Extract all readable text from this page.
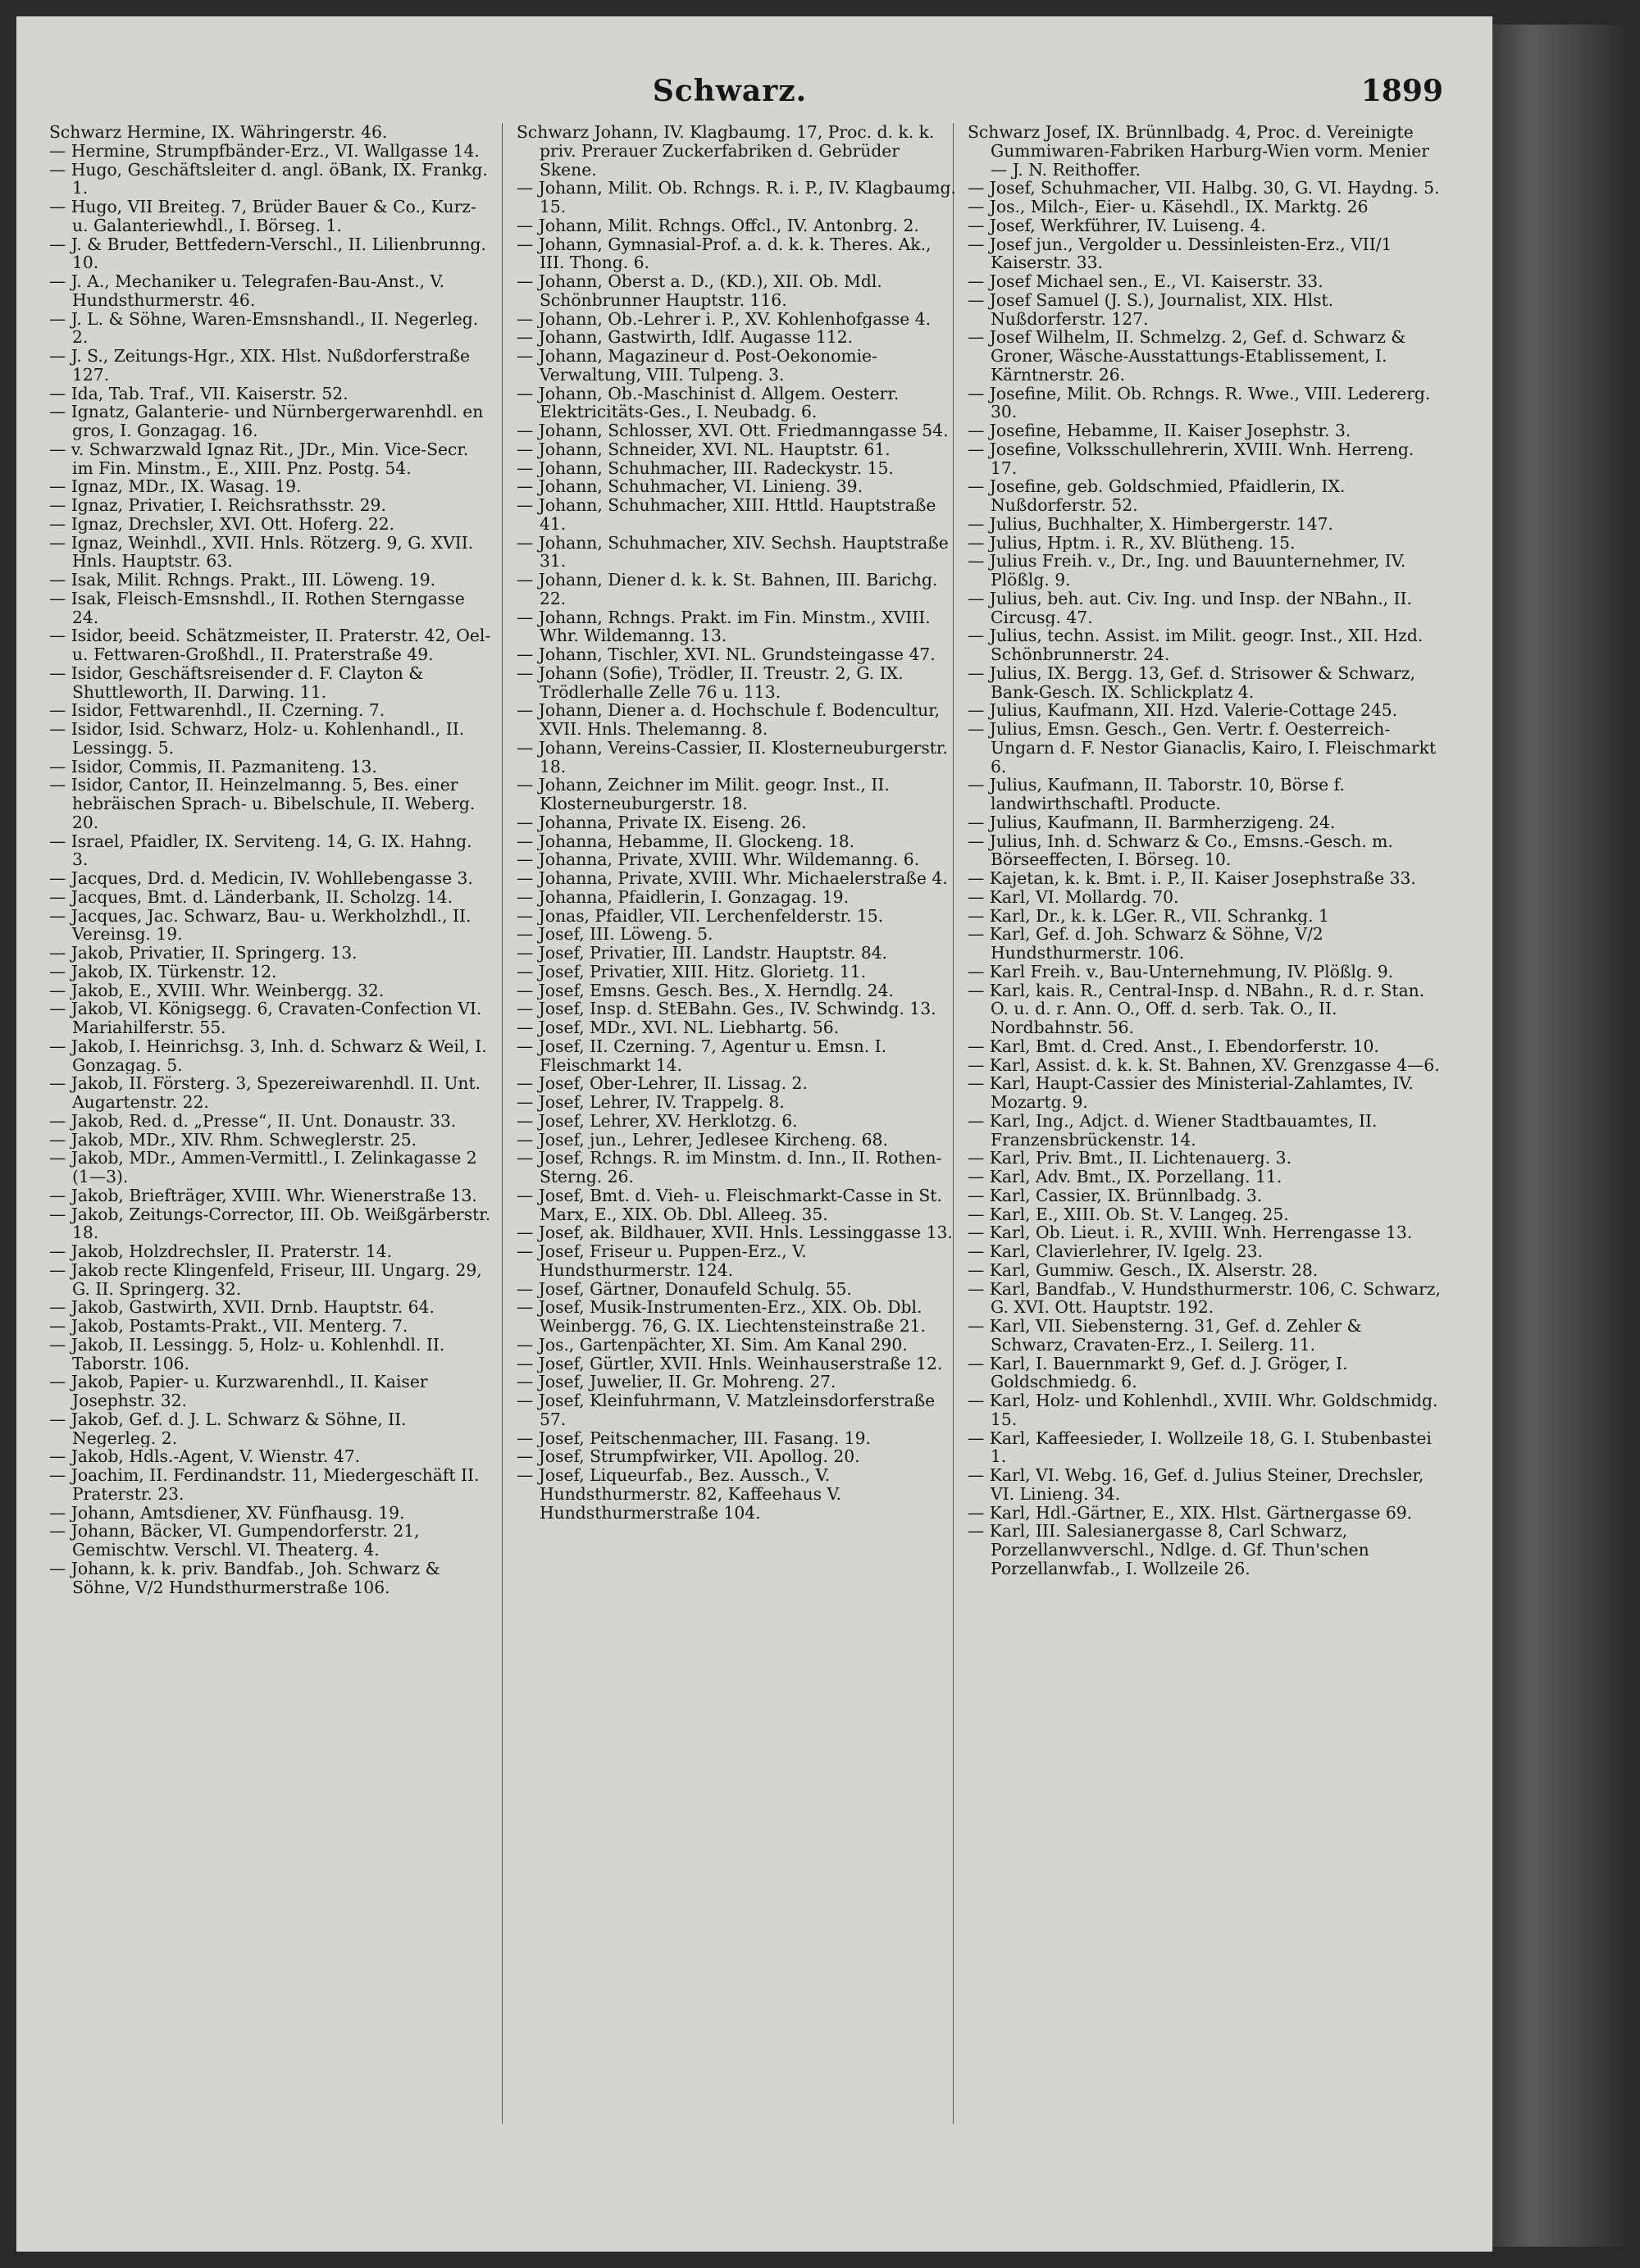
Schwarz.	1899

Schwarz Hermine, IX. Währingerstr. 46.

— Hermine, Strumpfbänder-Erz., VI. Wallgasse 14.

— Hugo, Geschäftsleiter d. angl. öBank, IX. Frankg. 1.

— Hugo, VII Breiteg. 7, Brüder Bauer & Co., Kurz- u. Galanteriewhdl., I. Börseg. 1.

— J. & Bruder, Bettfedern-Verschl., II. Lilienbrunng. 10.

— J. A., Mechaniker u. Telegrafen-Bau-Anst., V. Hundsthurmerstr. 46.

— J. L. & Söhne, Waren-Emsnshandl., II. Negerleg. 2.

— J. S., Zeitungs-Hgr., XIX. Hlst. Nußdorferstraße 127.

— Ida, Tab. Traf., VII. Kaiserstr. 52.

— Ignatz, Galanterie- und Nürnbergerwarenhdl. en gros, I. Gonzagag. 16.

— v. Schwarzwald Ignaz Rit., JDr., Min. Vice-Secr. im Fin. Minstm., E., XIII. Pnz. Postg. 54.

— Ignaz, MDr., IX. Wasag. 19.

— Ignaz, Privatier, I. Reichsrathsstr. 29.

— Ignaz, Drechsler, XVI. Ott. Hoferg. 22.

— Ignaz, Weinhdl., XVII. Hnls. Rötzerg. 9, G. XVII. Hnls. Hauptstr. 63.

— Isak, Milit. Rchngs. Prakt., III. Löweng. 19.

— Isak, Fleisch-Emsnshdl., II. Rothen Sterngasse 24.

— Isidor, beeid. Schätzmeister, II. Praterstr. 42, Oel- u. Fettwaren-Großhdl., II. Praterstraße 49.

— Isidor, Geschäftsreisender d. F. Clayton & Shuttleworth, II. Darwing. 11.

— Isidor, Fettwarenhdl., II. Czerning. 7.

— Isidor, Isid. Schwarz, Holz- u. Kohlenhandl., II. Lessingg. 5.

— Isidor, Commis, II. Pazmaniteng. 13.

— Isidor, Cantor, II. Heinzelmanng. 5, Bes. einer hebräischen Sprach- u. Bibelschule, II. Weberg. 20.

— Israel, Pfaidler, IX. Serviteng. 14, G. IX. Hahng. 3.

— Jacques, Drd. d. Medicin, IV. Wohllebengasse 3.

— Jacques, Bmt. d. Länderbank, II. Scholzg. 14.

— Jacques, Jac. Schwarz, Bau- u. Werkholzhdl., II. Vereinsg. 19.

— Jakob, Privatier, II. Springerg. 13.

— Jakob, IX. Türkenstr. 12.

— Jakob, E., XVIII. Whr. Weinbergg. 32.

— Jakob, VI. Königsegg. 6, Cravaten-Confection VI. Mariahilferstr. 55.

— Jakob, I. Heinrichsg. 3, Inh. d. Schwarz & Weil, I. Gonzagag. 5.

— Jakob, II. Försterg. 3, Spezereiwarenhdl. II. Unt. Augartenstr. 22.

— Jakob, Red. d. „Presse“, II. Unt. Donaustr. 33.

— Jakob, MDr., XIV. Rhm. Schweglerstr. 25.

— Jakob, MDr., Ammen-Vermittl., I. Zelinkagasse 2 (1—3).

— Jakob, Briefträger, XVIII. Whr. Wienerstraße 13.

— Jakob, Zeitungs-Corrector, III. Ob. Weißgärberstr. 18.

— Jakob, Holzdrechsler, II. Praterstr. 14.

— Jakob recte Klingenfeld, Friseur, III. Ungarg. 29, G. II. Springerg. 32.

— Jakob, Gastwirth, XVII. Drnb. Hauptstr. 64.

— Jakob, Postamts-Prakt., VII. Menterg. 7.

— Jakob, II. Lessingg. 5, Holz- u. Kohlenhdl. II. Taborstr. 106.

— Jakob, Papier- u. Kurzwarenhdl., II. Kaiser Josephstr. 32.

— Jakob, Gef. d. J. L. Schwarz & Söhne, II. Negerleg. 2.

— Jakob, Hdls.-Agent, V. Wienstr. 47.

— Joachim, II. Ferdinandstr. 11, Miedergeschäft II. Praterstr. 23.

— Johann, Amtsdiener, XV. Fünfhausg. 19.

— Johann, Bäcker, VI. Gumpendorferstr. 21, Gemischtw. Verschl. VI. Theaterg. 4.

— Johann, k. k. priv. Bandfab., Joh. Schwarz & Söhne, V/2 Hundsthurmerstraße 106.

Schwarz Johann, IV. Klagbaumg. 17, Proc. d. k. k. priv. Prerauer Zuckerfabriken d. Gebrüder Skene.

— Johann, Milit. Ob. Rchngs. R. i. P., IV. Klagbaumg. 15.

— Johann, Milit. Rchngs. Offcl., IV. Antonbrg. 2.

— Johann, Gymnasial-Prof. a. d. k. k. Theres. Ak., III. Thong. 6.

— Johann, Oberst a. D., (KD.), XII. Ob. Mdl. Schönbrunner Hauptstr. 116.

— Johann, Ob.-Lehrer i. P., XV. Kohlenhofgasse 4.

— Johann, Gastwirth, Idlf. Augasse 112.

— Johann, Magazineur d. Post-Oekonomie-Verwaltung, VIII. Tulpeng. 3.

— Johann, Ob.-Maschinist d. Allgem. Oesterr. Elektricitäts-Ges., I. Neubadg. 6.

— Johann, Schlosser, XVI. Ott. Friedmanngasse 54.

— Johann, Schneider, XVI. NL. Hauptstr. 61.

— Johann, Schuhmacher, III. Radeckystr. 15.

— Johann, Schuhmacher, VI. Linieng. 39.

— Johann, Schuhmacher, XIII. Httld. Hauptstraße 41.

— Johann, Schuhmacher, XIV. Sechsh. Hauptstraße 31.

— Johann, Diener d. k. k. St. Bahnen, III. Barichg. 22.

— Johann, Rchngs. Prakt. im Fin. Minstm., XVIII. Whr. Wildemanng. 13.

— Johann, Tischler, XVI. NL. Grundsteingasse 47.

— Johann (Sofie), Trödler, II. Treustr. 2, G. IX. Trödlerhalle Zelle 76 u. 113.

— Johann, Diener a. d. Hochschule f. Bodencultur, XVII. Hnls. Thelemanng. 8.

— Johann, Vereins-Cassier, II. Klosterneuburgerstr. 18.

— Johann, Zeichner im Milit. geogr. Inst., II. Klosterneuburgerstr. 18.

— Johanna, Private IX. Eiseng. 26.

— Johanna, Hebamme, II. Glockeng. 18.

— Johanna, Private, XVIII. Whr. Wildemanng. 6.

— Johanna, Private, XVIII. Whr. Michaelerstraße 4.

— Johanna, Pfaidlerin, I. Gonzagag. 19.

— Jonas, Pfaidler, VII. Lerchenfelderstr. 15.

— Josef, III. Löweng. 5.

— Josef, Privatier, III. Landstr. Hauptstr. 84.

— Josef, Privatier, XIII. Hitz. Glorietg. 11.

— Josef, Emsns. Gesch. Bes., X. Herndlg. 24.

— Josef, Insp. d. StEBahn. Ges., IV. Schwindg. 13.

— Josef, MDr., XVI. NL. Liebhartg. 56.

— Josef, II. Czerning. 7, Agentur u. Emsn. I. Fleischmarkt 14.

— Josef, Ober-Lehrer, II. Lissag. 2.

— Josef, Lehrer, IV. Trappelg. 8.

— Josef, Lehrer, XV. Herklotzg. 6.

— Josef, jun., Lehrer, Jedlesee Kircheng. 68.

— Josef, Rchngs. R. im Minstm. d. Inn., II. Rothen-Sterng. 26.

— Josef, Bmt. d. Vieh- u. Fleischmarkt-Casse in St. Marx, E., XIX. Ob. Dbl. Alleeg. 35.

— Josef, ak. Bildhauer, XVII. Hnls. Lessinggasse 13.

— Josef, Friseur u. Puppen-Erz., V. Hundsthurmerstr. 124.

— Josef, Gärtner, Donaufeld Schulg. 55.

— Josef, Musik-Instrumenten-Erz., XIX. Ob. Dbl. Weinbergg. 76, G. IX. Liechtensteinstraße 21.

— Jos., Gartenpächter, XI. Sim. Am Kanal 290.

— Josef, Gürtler, XVII. Hnls. Weinhauserstraße 12.

— Josef, Juwelier, II. Gr. Mohreng. 27.

— Josef, Kleinfuhrmann, V. Matzleinsdorferstraße 57.

— Josef, Peitschenmacher, III. Fasang. 19.

— Josef, Strumpfwirker, VII. Apollog. 20.

— Josef, Liqueurfab., Bez. Aussch., V. Hundsthurmerstr. 82, Kaffeehaus V. Hundsthurmerstraße 104.

Schwarz Josef, IX. Brünnlbadg. 4, Proc. d. Vereinigte Gummiwaren-Fabriken Harburg-Wien vorm. Menier — J. N. Reithoffer.

— Josef, Schuhmacher, VII. Halbg. 30, G. VI. Haydng. 5.

— Jos., Milch-, Eier- u. Käsehdl., IX. Marktg. 26

— Josef, Werkführer, IV. Luiseng. 4.

— Josef jun., Vergolder u. Dessinleisten-Erz., VII/1 Kaiserstr. 33.

— Josef Michael sen., E., VI. Kaiserstr. 33.

— Josef Samuel (J. S.), Journalist, XIX. Hlst. Nußdorferstr. 127.

— Josef Wilhelm, II. Schmelzg. 2, Gef. d. Schwarz & Groner, Wäsche-Ausstattungs-Etablissement, I. Kärntnerstr. 26.

— Josefine, Milit. Ob. Rchngs. R. Wwe., VIII. Ledererg. 30.

— Josefine, Hebamme, II. Kaiser Josephstr. 3.

— Josefine, Volksschullehrerin, XVIII. Wnh. Herreng. 17.

— Josefine, geb. Goldschmied, Pfaidlerin, IX. Nußdorferstr. 52.

— Julius, Buchhalter, X. Himbergerstr. 147.

— Julius, Hptm. i. R., XV. Blütheng. 15.

— Julius Freih. v., Dr., Ing. und Bauunternehmer, IV. Plößlg. 9.

— Julius, beh. aut. Civ. Ing. und Insp. der NBahn., II. Circusg. 47.

— Julius, techn. Assist. im Milit. geogr. Inst., XII. Hzd. Schönbrunnerstr. 24.

— Julius, IX. Bergg. 13, Gef. d. Strisower & Schwarz, Bank-Gesch. IX. Schlickplatz 4.

— Julius, Kaufmann, XII. Hzd. Valerie-Cottage 245.

— Julius, Emsn. Gesch., Gen. Vertr. f. Oesterreich-Ungarn d. F. Nestor Gianaclis, Kairo, I. Fleischmarkt 6.

— Julius, Kaufmann, II. Taborstr. 10, Börse f. landwirthschaftl. Producte.

— Julius, Kaufmann, II. Barmherzigeng. 24.

— Julius, Inh. d. Schwarz & Co., Emsns.-Gesch. m. Börseeffecten, I. Börseg. 10.

— Kajetan, k. k. Bmt. i. P., II. Kaiser Josephstraße 33.

— Karl, VI. Mollardg. 70.

— Karl, Dr., k. k. LGer. R., VII. Schrankg. 1

— Karl, Gef. d. Joh. Schwarz & Söhne, V/2 Hundsthurmerstr. 106.

— Karl Freih. v., Bau-Unternehmung, IV. Plößlg. 9.

— Karl, kais. R., Central-Insp. d. NBahn., R. d. r. Stan. O. u. d. r. Ann. O., Off. d. serb. Tak. O., II. Nordbahnstr. 56.

— Karl, Bmt. d. Cred. Anst., I. Ebendorferstr. 10.

— Karl, Assist. d. k. k. St. Bahnen, XV. Grenzgasse 4—6.

— Karl, Haupt-Cassier des Ministerial-Zahlamtes, IV. Mozartg. 9.

— Karl, Ing., Adjct. d. Wiener Stadtbauamtes, II. Franzensbrückenstr. 14.

— Karl, Priv. Bmt., II. Lichtenauerg. 3.

— Karl, Adv. Bmt., IX. Porzellang. 11.

— Karl, Cassier, IX. Brünnlbadg. 3.

— Karl, E., XIII. Ob. St. V. Langeg. 25.

— Karl, Ob. Lieut. i. R., XVIII. Wnh. Herrengasse 13.

— Karl, Clavierlehrer, IV. Igelg. 23.

— Karl, Gummiw. Gesch., IX. Alserstr. 28.

— Karl, Bandfab., V. Hundsthurmerstr. 106, C. Schwarz, G. XVI. Ott. Hauptstr. 192.

— Karl, VII. Siebensterng. 31, Gef. d. Zehler & Schwarz, Cravaten-Erz., I. Seilerg. 11.

— Karl, I. Bauernmarkt 9, Gef. d. J. Gröger, I. Goldschmiedg. 6.

— Karl, Holz- und Kohlenhdl., XVIII. Whr. Goldschmidg. 15.

— Karl, Kaffeesieder, I. Wollzeile 18, G. I. Stubenbastei 1.

— Karl, VI. Webg. 16, Gef. d. Julius Steiner, Drechsler, VI. Linieng. 34.

— Karl, Hdl.-Gärtner, E., XIX. Hlst. Gärtnergasse 69.

— Karl, III. Salesianergasse 8, Carl Schwarz, Porzellanwverschl., Ndlge. d. Gf. Thun'schen Porzellanwfab., I. Wollzeile 26.
